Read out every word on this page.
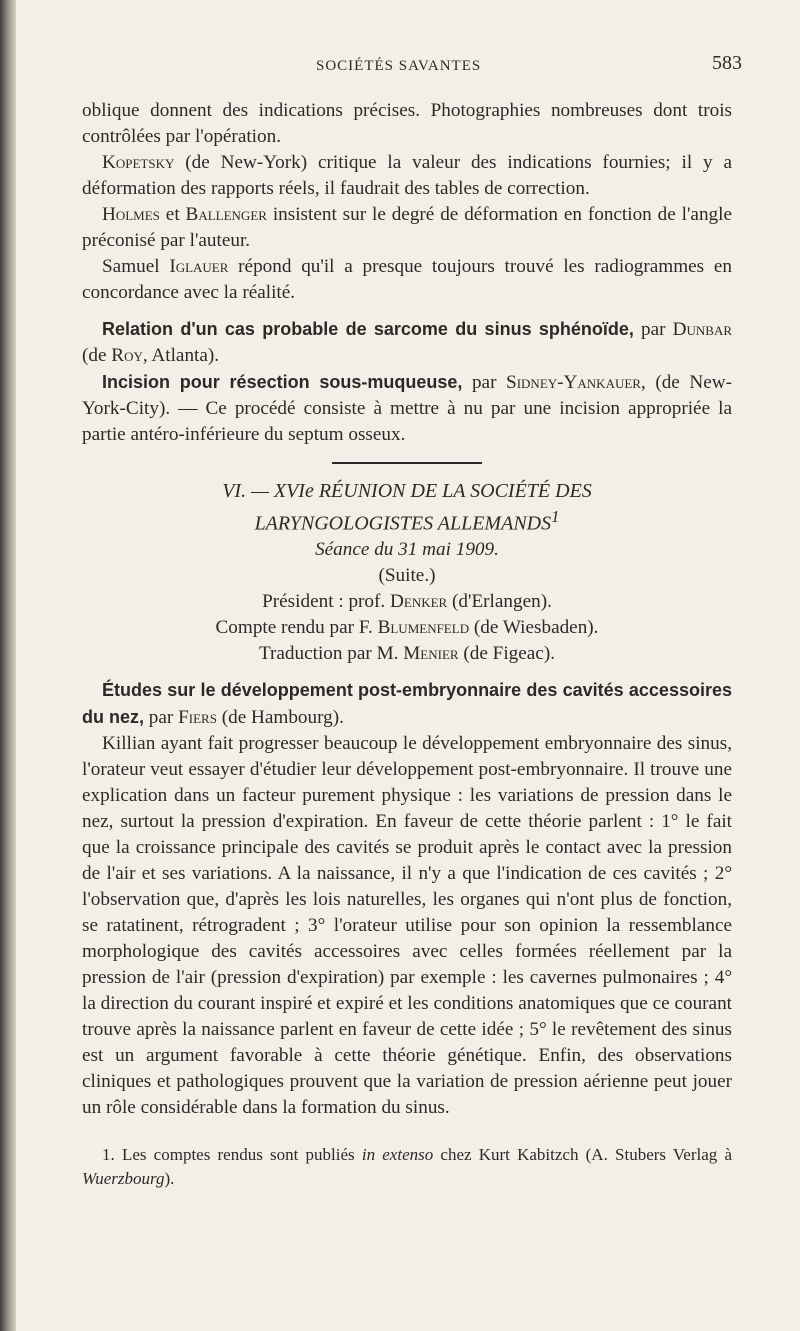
SOCIÉTÉS SAVANTES	583

oblique donnent des indications précises. Photographies nombreuses dont trois contrôlées par l'opération.

Kopetsky (de New-York) critique la valeur des indications fournies; il y a déformation des rapports réels, il faudrait des tables de correction.

Holmes et Ballenger insistent sur le degré de déformation en fonction de l'angle préconisé par l'auteur.

Samuel Iglauer répond qu'il a presque toujours trouvé les radiogrammes en concordance avec la réalité.

Relation d'un cas probable de sarcome du sinus sphénoïde, par Dunbar (de Roy, Atlanta).

Incision pour résection sous-muqueuse, par Sidney-Yankauer, (de New-York-City). — Ce procédé consiste à mettre à nu par une incision appropriée la partie antéro-inférieure du septum osseux.

VI. — XVIe RÉUNION DE LA SOCIÉTÉ DES

LARYNGOLOGISTES ALLEMANDS$^1$

Séance du 31 mai 1909.

(Suite.)

Président : prof. Denker (d'Erlangen).

Compte rendu par F. Blumenfeld (de Wiesbaden).

Traduction par M. Menier (de Figeac).

Études sur le développement post-embryonnaire des cavités accessoires du nez, par Fiers (de Hambourg).

Killian ayant fait progresser beaucoup le développement embryonnaire des sinus, l'orateur veut essayer d'étudier leur développement post-embryonnaire. Il trouve une explication dans un facteur purement physique : les variations de pression dans le nez, surtout la pression d'expiration. En faveur de cette théorie parlent : 1° le fait que la croissance principale des cavités se produit après le contact avec la pression de l'air et ses variations. A la naissance, il n'y a que l'indication de ces cavités ; 2° l'observation que, d'après les lois naturelles, les organes qui n'ont plus de fonction, se ratatinent, rétrogradent ; 3° l'orateur utilise pour son opinion la ressemblance morphologique des cavités accessoires avec celles formées réellement par la pression de l'air (pression d'expiration) par exemple : les cavernes pulmonaires ; 4° la direction du courant inspiré et expiré et les conditions anatomiques que ce courant trouve après la naissance parlent en faveur de cette idée ; 5° le revêtement des sinus est un argument favorable à cette théorie génétique. Enfin, des observations cliniques et pathologiques prouvent que la variation de pression aérienne peut jouer un rôle considérable dans la formation du sinus.

1. Les comptes rendus sont publiés in extenso chez Kurt Kabitzch (A. Stubers Verlag à Wuerzbourg).
